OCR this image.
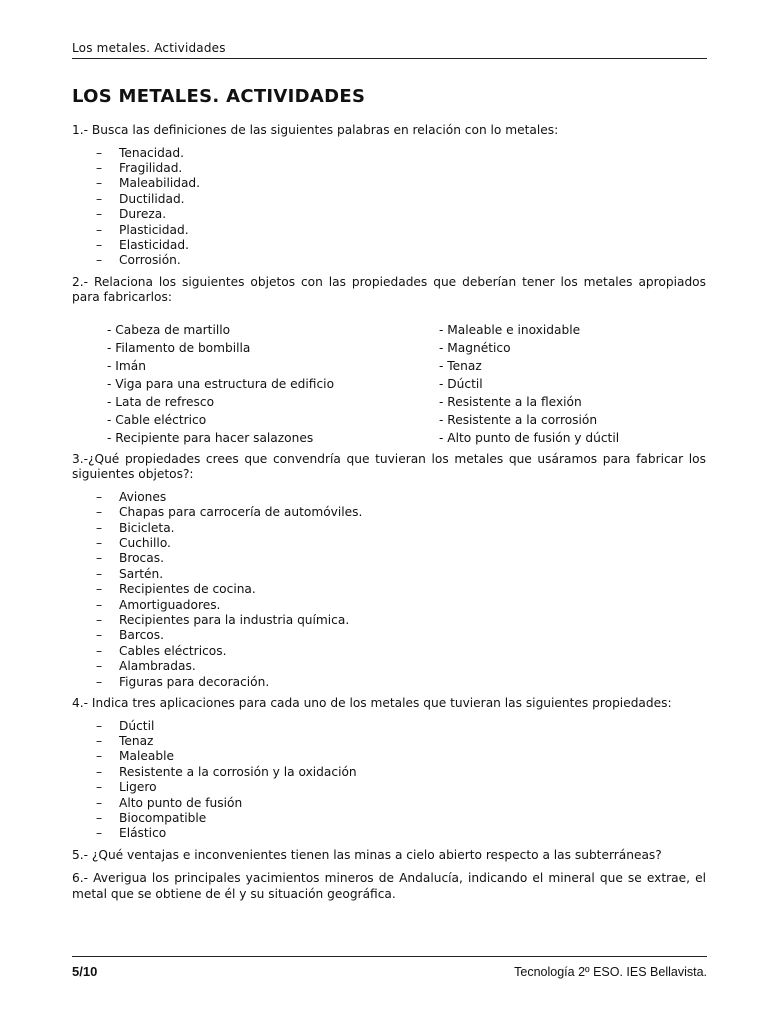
Los metales. Actividades
LOS METALES. ACTIVIDADES

1.- Busca las definiciones de las siguientes palabras en relación con lo metales:

– Tenacidad.
– Fragilidad.
– Maleabilidad.
– Ductilidad.
– Dureza.
– Plasticidad.
– Elasticidad.
– Corrosión.

2.- Relaciona los siguientes objetos con las propiedades que deberían tener los metales apropiados para fabricarlos:

- Cabeza de martillo
- Filamento de bombilla
- Imán
- Viga para una estructura de edificio
- Lata de refresco
- Cable eléctrico
- Recipiente para hacer salazones
- Maleable e inoxidable
- Magnético
- Tenaz
- Dúctil
- Resistente a la flexión
- Resistente a la corrosión
- Alto punto de fusión y dúctil

3.-¿Qué propiedades crees que convendría que tuvieran los metales que usáramos para fabricar los siguientes objetos?:

– Aviones
– Chapas para carrocería de automóviles.
– Bicicleta.
– Cuchillo.
– Brocas.
– Sartén.
– Recipientes de cocina.
– Amortiguadores.
– Recipientes para la industria química.
– Barcos.
– Cables eléctricos.
– Alambradas.
– Figuras para decoración.

4.- Indica tres aplicaciones para cada uno de los metales que tuvieran las siguientes propiedades:

– Dúctil
– Tenaz
– Maleable
– Resistente a la corrosión y la oxidación
– Ligero
– Alto punto de fusión
– Biocompatible
– Elástico

5.- ¿Qué ventajas e inconvenientes tienen las minas a cielo abierto respecto a las subterráneas?

6.- Averigua los principales yacimientos mineros de Andalucía, indicando el mineral que se extrae, el metal que se obtiene de él y su situación geográfica.

5/10	Tecnología 2º ESO. IES Bellavista.
